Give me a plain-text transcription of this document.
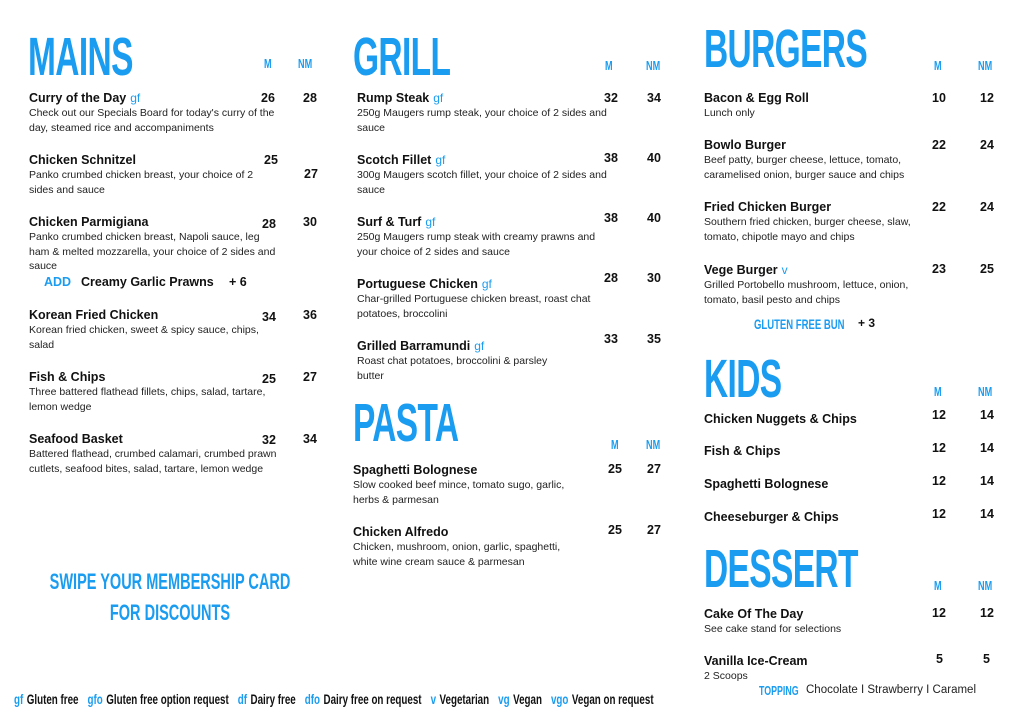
MAINS	M NM
Curry of the Day gf
Check out our Specials Board for today's curry of the day, steamed rice and accompaniments
26 28
Chicken Schnitzel
Panko crumbed chicken breast, your choice of 2 sides and sauce
25
27
Chicken Parmigiana
Panko crumbed chicken breast, Napoli sauce, leg ham & melted mozzarella, your choice of 2 sides and sauce
28 30
ADD Creamy Garlic Prawns + 6
Korean Fried Chicken
Korean fried chicken, sweet & spicy sauce, chips, salad
34 36
Fish & Chips
Three battered flathead fillets, chips, salad, tartare, lemon wedge
25 27
Seafood Basket
Battered flathead, crumbed calamari, crumbed prawn cutlets, seafood bites, salad, tartare, lemon wedge
32 34
SWIPE YOUR MEMBERSHIP CARD
FOR DISCOUNTS
GRILL	M	NM
Rump Steak gf
250g Maugers rump steak, your choice of 2 sides and sauce
32 34
Scotch Fillet gf
300g Maugers scotch fillet, your choice of 2 sides and sauce
38 40
Surf & Turf gf
250g Maugers rump steak with creamy prawns and your choice of 2 sides and sauce
38 40
Portuguese Chicken gf
Char-grilled Portuguese chicken breast, roast chat potatoes, broccolini
28 30
Grilled Barramundi gf
Roast chat potatoes, broccolini & parsley butter
33 35
PASTA	M NM
Spaghetti Bolognese
Slow cooked beef mince, tomato sugo, garlic, herbs & parmesan
25 27
Chicken Alfredo
Chicken, mushroom, onion, garlic, spaghetti, white wine cream sauce & parmesan
25 27
BURGERS	M	NM
Bacon & Egg Roll
Lunch only
10	12
Bowlo Burger
Beef patty, burger cheese, lettuce, tomato, caramelised onion, burger sauce and chips
22	24
Fried Chicken Burger
Southern fried chicken, burger cheese, slaw, tomato, chipotle mayo and chips
22	24
Vege Burger v
Grilled Portobello mushroom, lettuce, onion, tomato, basil pesto and chips
23	25
GLUTEN FREE BUN + 3
KIDS	M	NM
Chicken Nuggets & Chips	12	14
Fish & Chips	12	14
Spaghetti Bolognese	12	14
Cheeseburger & Chips	12	14
DESSERT	M	NM
Cake Of The Day
See cake stand for selections
12	12
Vanilla Ice-Cream
2 Scoops
5	5
TOPPING Chocolate I Strawberry I Caramel
gf Gluten free gfo Gluten free option request df Dairy free dfo Dairy free on request v Vegetarian vg Vegan vgo Vegan on request
